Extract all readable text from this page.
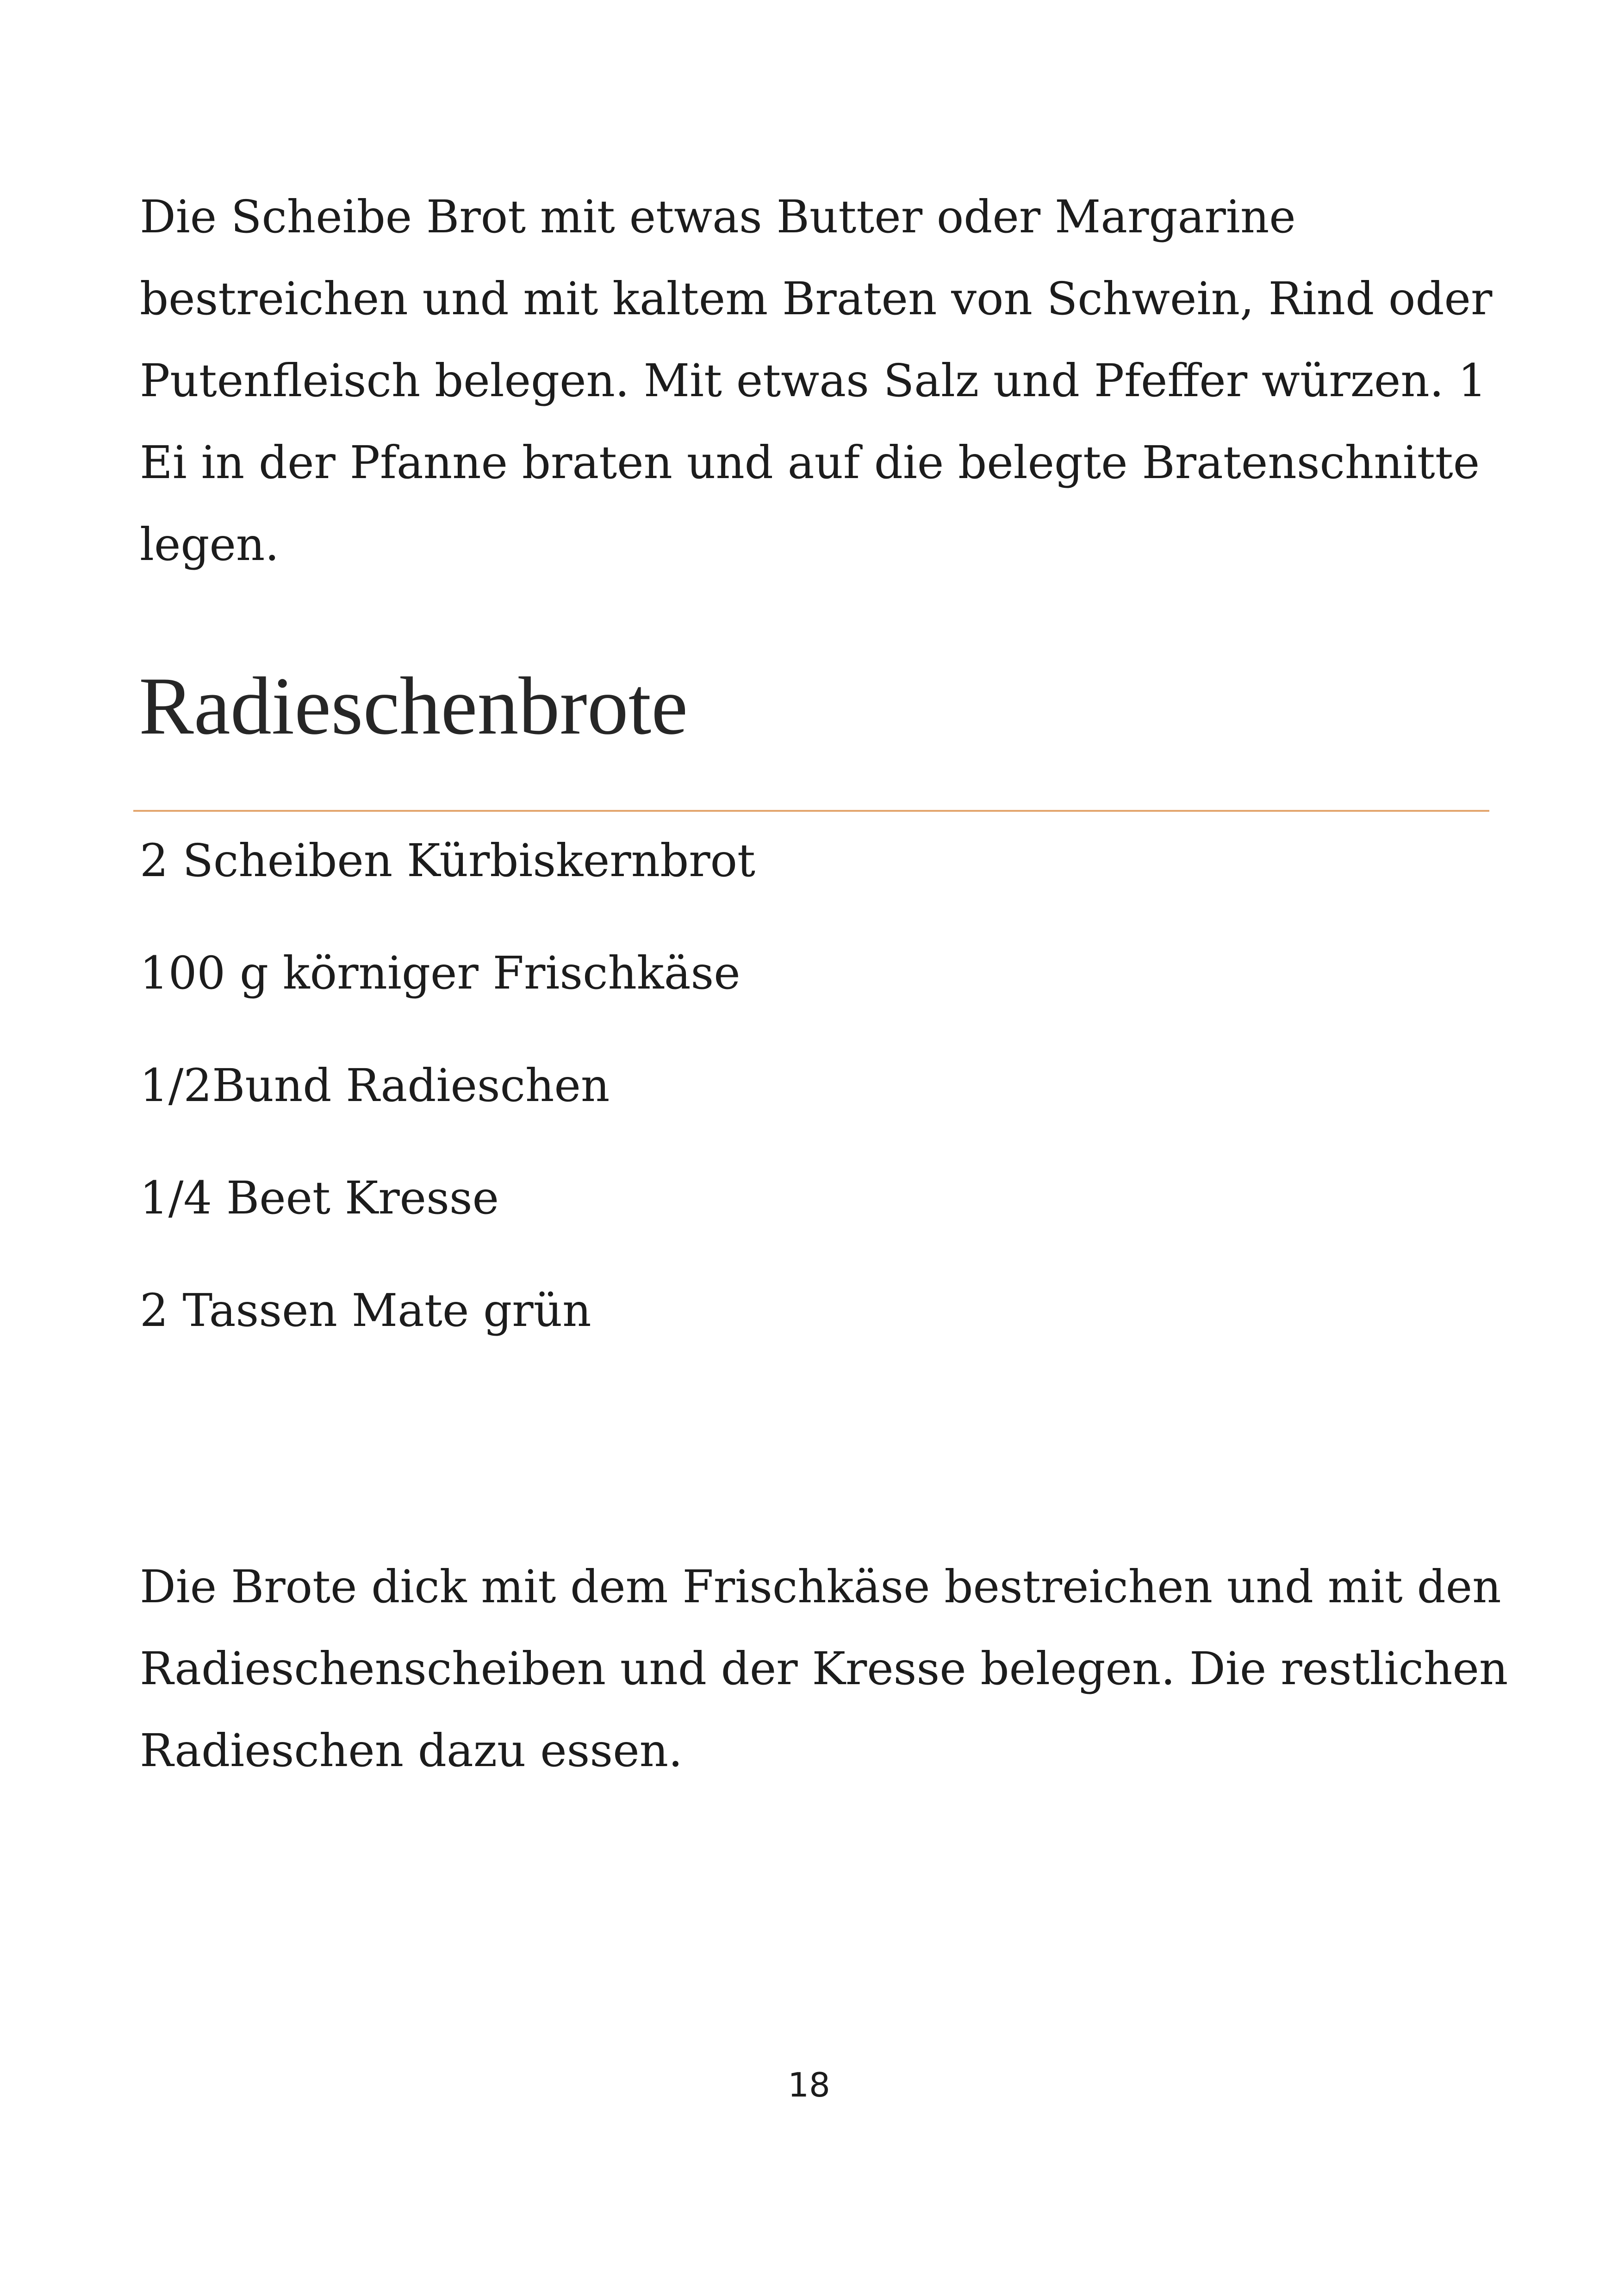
Die Scheibe Brot mit etwas Butter oder Margarine bestreichen und mit kaltem Braten von Schwein, Rind oder Putenfleisch belegen. Mit etwas Salz und Pfeffer würzen. 1 Ei in der Pfanne braten und auf die belegte Bratenschnitte legen.

Radieschenbrote
2 Scheiben Kürbiskernbrot
100 g körniger Frischkäse
1/2Bund Radieschen
1/4 Beet Kresse
2 Tassen Mate grün

Die Brote dick mit dem Frischkäse bestreichen und mit den Radieschenscheiben und der Kresse belegen. Die restlichen Radieschen dazu essen.

18
